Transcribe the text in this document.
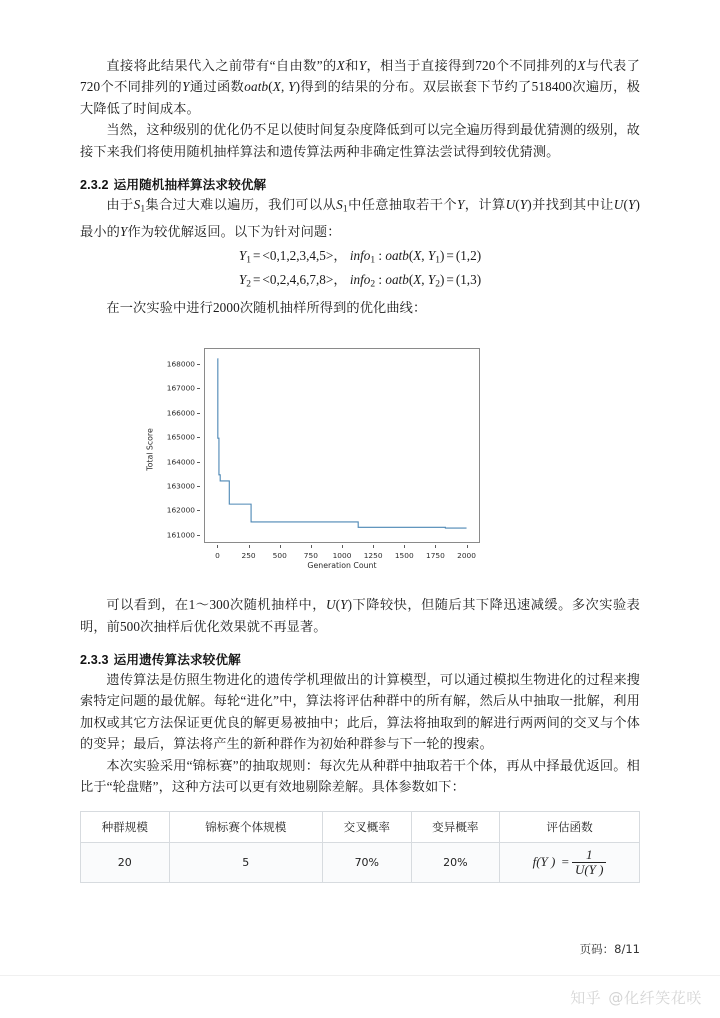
直接将此结果代入之前带有“自由数”的X和Y，相当于直接得到720个不同排列的X与代表了720个不同排列的Y通过函数oatb(X, Y)得到的结果的分布。双层嵌套下节约了518400次遍历，极大降低了时间成本。

当然，这种级别的优化仍不足以使时间复杂度降低到可以完全遍历得到最优猜测的级别，故接下来我们将使用随机抽样算法和遗传算法两种非确定性算法尝试得到较优猜测。

2.3.2 运用随机抽样算法求较优解

由于$S_1$集合过大难以遍历，我们可以从$S_1$中任意抽取若干个Y，计算U(Y)并找到其中让U(Y)最小的Y作为较优解返回。以下为针对问题：

$Y_1 = <0,1,2,3,4,5>$， info$_1$ : oatb(X, $Y_1) = (1,2)$
$Y_2 = <0,2,4,6,7,8>$， info$_2$ : oatb(X, $Y_2) = (1,3)$

在一次实验中进行2000次随机抽样所得到的优化曲线：

Total Score
161000
162000
163000
164000
165000
166000
167000
168000
0	250 500 750 1000 1250 1500 1750 2000
Generation Count

可以看到，在1～300次随机抽样中，U(Y)下降较快，但随后其下降迅速减缓。多次实验表明，前500次抽样后优化效果就不再显著。

2.3.3 运用遗传算法求较优解

遗传算法是仿照生物进化的遗传学机理做出的计算模型，可以通过模拟生物进化的过程来搜索特定问题的最优解。每轮“进化”中，算法将评估种群中的所有解，然后从中抽取一批解，利用加权或其它方法保证更优良的解更易被抽中；此后，算法将抽取到的解进行两两间的交叉与个体的变异；最后，算法将产生的新种群作为初始种群参与下一轮的搜索。

本次实验采用“锦标赛”的抽取规则：每次先从种群中抽取若干个体，再从中择最优返回。相比于“轮盘赌”，这种方法可以更有效地剔除差解。具体参数如下：

种群规模	锦标赛个体规模	交叉概率	变异概率	评估函数
20	5	70%	20%	f(Y ) = $\frac{1}{U(Y )}$
页码：8/11
知乎 @化纤笑花咲
